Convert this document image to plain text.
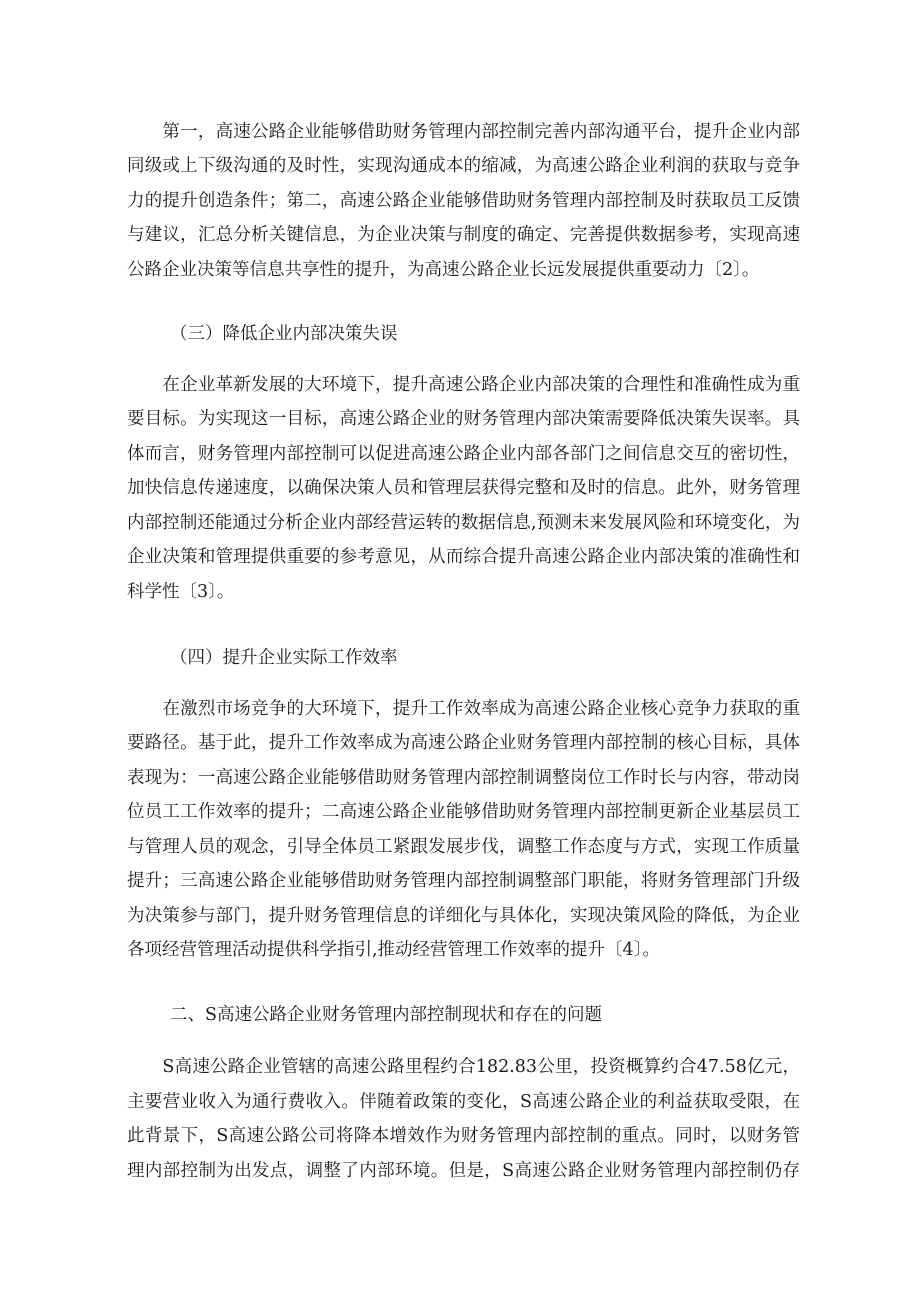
　　第一，高速公路企业能够借助财务管理内部控制完善内部沟通平台，提升企业内部
同级或上下级沟通的及时性，实现沟通成本的缩减，为高速公路企业利润的获取与竞争
力的提升创造条件；第二，高速公路企业能够借助财务管理内部控制及时获取员工反馈
与建议，汇总分析关键信息，为企业决策与制度的确定、完善提供数据参考，实现高速
公路企业决策等信息共享性的提升，为高速公路企业长远发展提供重要动力〔2〕。
（三）降低企业内部决策失误
　　在企业革新发展的大环境下，提升高速公路企业内部决策的合理性和准确性成为重
要目标。为实现这一目标，高速公路企业的财务管理内部决策需要降低决策失误率。具
体而言，财务管理内部控制可以促进高速公路企业内部各部门之间信息交互的密切性，
加快信息传递速度，以确保决策人员和管理层获得完整和及时的信息。此外，财务管理
内部控制还能通过分析企业内部经营运转的数据信息,预测未来发展风险和环境变化，为
企业决策和管理提供重要的参考意见，从而综合提升高速公路企业内部决策的准确性和
科学性〔3〕。
（四）提升企业实际工作效率
　　在激烈市场竞争的大环境下，提升工作效率成为高速公路企业核心竞争力获取的重
要路径。基于此，提升工作效率成为高速公路企业财务管理内部控制的核心目标，具体
表现为：一高速公路企业能够借助财务管理内部控制调整岗位工作时长与内容，带动岗
位员工工作效率的提升；二高速公路企业能够借助财务管理内部控制更新企业基层员工
与管理人员的观念，引导全体员工紧跟发展步伐，调整工作态度与方式，实现工作质量
提升；三高速公路企业能够借助财务管理内部控制调整部门职能，将财务管理部门升级
为决策参与部门，提升财务管理信息的详细化与具体化，实现决策风险的降低，为企业
各项经营管理活动提供科学指引,推动经营管理工作效率的提升〔4〕。
二、S高速公路企业财务管理内部控制现状和存在的问题
　　S高速公路企业管辖的高速公路里程约合182.83公里，投资概算约合47.58亿元，
主要营业收入为通行费收入。伴随着政策的变化，S高速公路企业的利益获取受限，在
此背景下，S高速公路公司将降本增效作为财务管理内部控制的重点。同时，以财务管
理内部控制为出发点，调整了内部环境。但是，S高速公路企业财务管理内部控制仍存
